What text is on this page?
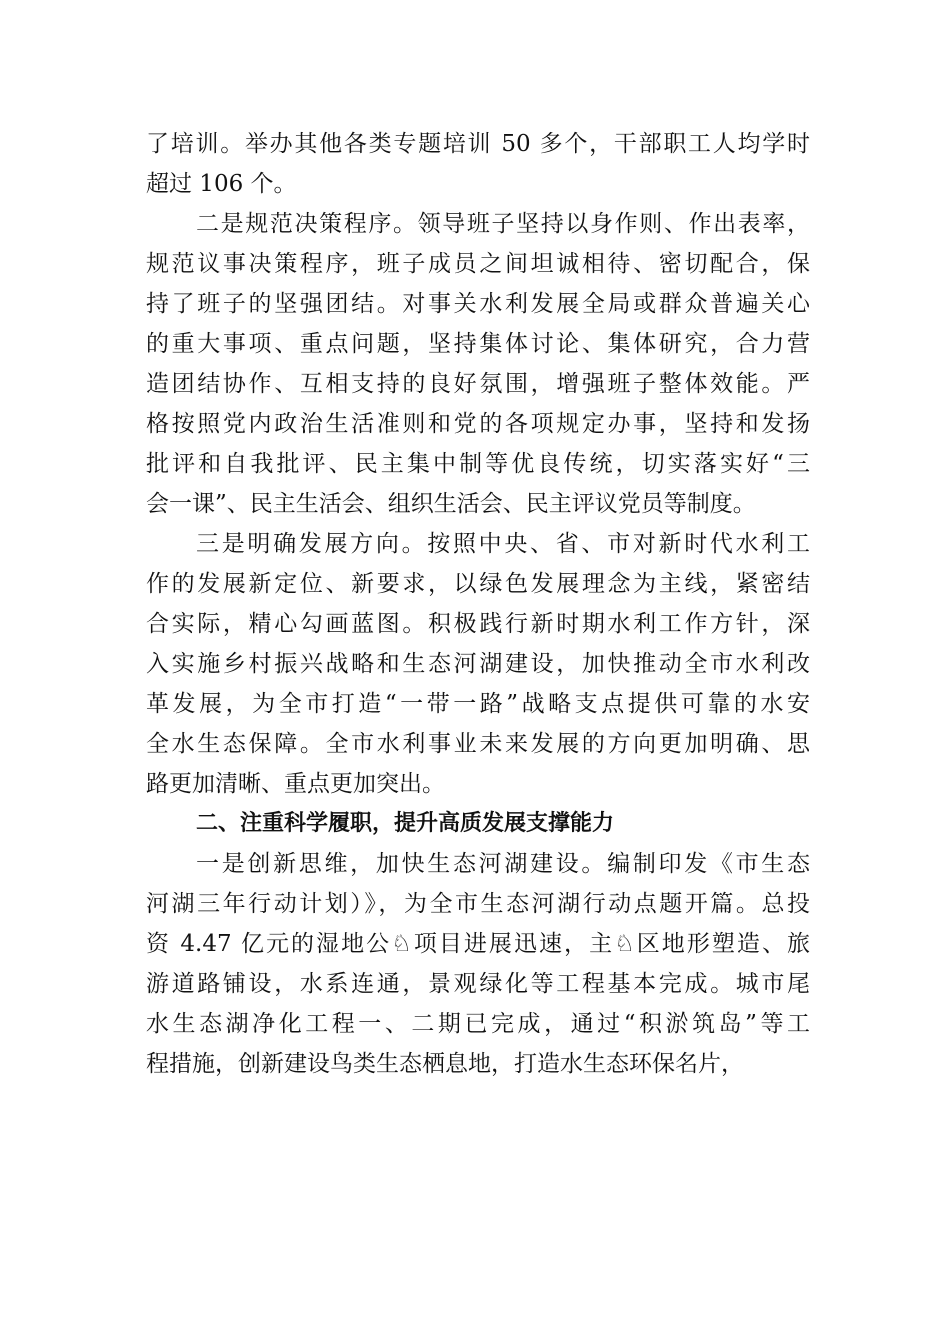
了培训。举办其他各类专题培训 50 多个，干部职工人均学时
超过 106 个。
二是规范决策程序。领导班子坚持以身作则、作出表率，
规范议事决策程序，班子成员之间坦诚相待、密切配合，保
持了班子的坚强团结。对事关水利发展全局或群众普遍关心
的重大事项、重点问题，坚持集体讨论、集体研究，合力营
造团结协作、互相支持的良好氛围，增强班子整体效能。严
格按照党内政治生活准则和党的各项规定办事，坚持和发扬
批评和自我批评、民主集中制等优良传统，切实落实好“三
会一课”、民主生活会、组织生活会、民主评议党员等制度。
三是明确发展方向。按照中央、省、市对新时代水利工
作的发展新定位、新要求，以绿色发展理念为主线，紧密结
合实际，精心勾画蓝图。积极践行新时期水利工作方针，深
入实施乡村振兴战略和生态河湖建设，加快推动全市水利改
革发展，为全市打造“一带一路”战略支点提供可靠的水安
全水生态保障。全市水利事业未来发展的方向更加明确、思
路更加清晰、重点更加突出。
二、注重科学履职，提升高质发展支撑能力
一是创新思维，加快生态河湖建设。编制印发《市生态
河湖三年行动计划）》，为全市生态河湖行动点题开篇。总投
资 4.47 亿元的湿地公♘项目进展迅速，主♘区地形塑造、旅
游道路铺设，水系连通，景观绿化等工程基本完成。城市尾
水生态湖净化工程一、二期已完成，通过“积淤筑岛”等工
程措施，创新建设鸟类生态栖息地，打造水生态环保名片，
